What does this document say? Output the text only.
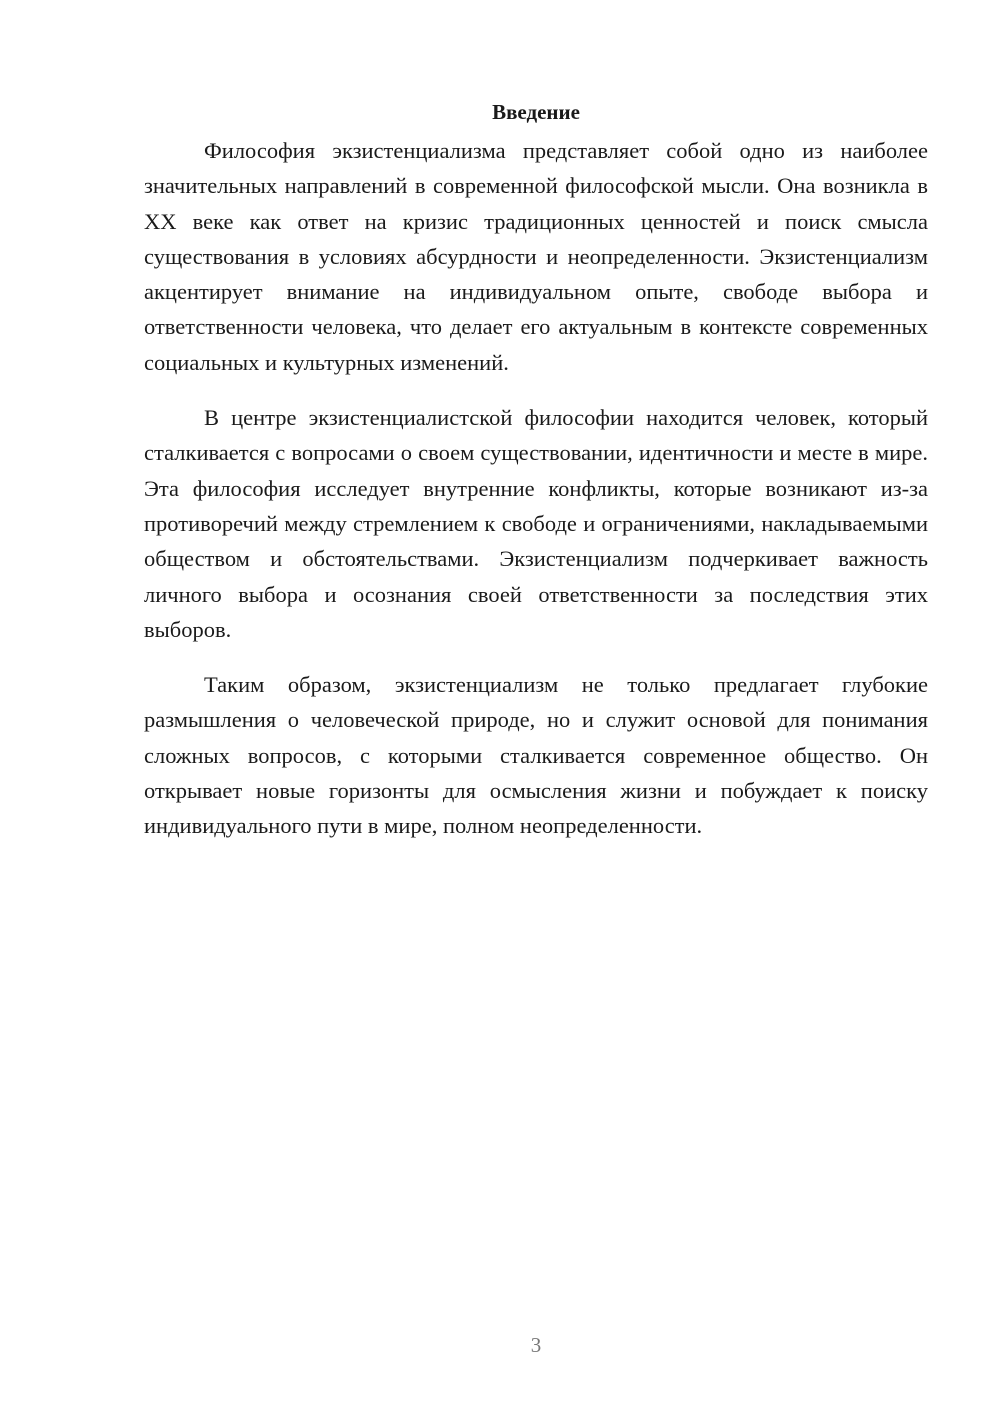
Введение

Философия экзистенциализма представляет собой одно из наиболее значительных направлений в современной философской мысли. Она возникла в XX веке как ответ на кризис традиционных ценностей и поиск смысла существования в условиях абсурдности и неопределенности. Экзистенциализм акцентирует внимание на индивидуальном опыте, свободе выбора и ответственности человека, что делает его актуальным в контексте современных социальных и культурных изменений.

В центре экзистенциалистской философии находится человек, который сталкивается с вопросами о своем существовании, идентичности и месте в мире. Эта философия исследует внутренние конфликты, которые возникают из-за противоречий между стремлением к свободе и ограничениями, накладываемыми обществом и обстоятельствами. Экзистенциализм подчеркивает важность личного выбора и осознания своей ответственности за последствия этих выборов.

Таким образом, экзистенциализм не только предлагает глубокие размышления о человеческой природе, но и служит основой для понимания сложных вопросов, с которыми сталкивается современное общество. Он открывает новые горизонты для осмысления жизни и побуждает к поиску индивидуального пути в мире, полном неопределенности.

3
